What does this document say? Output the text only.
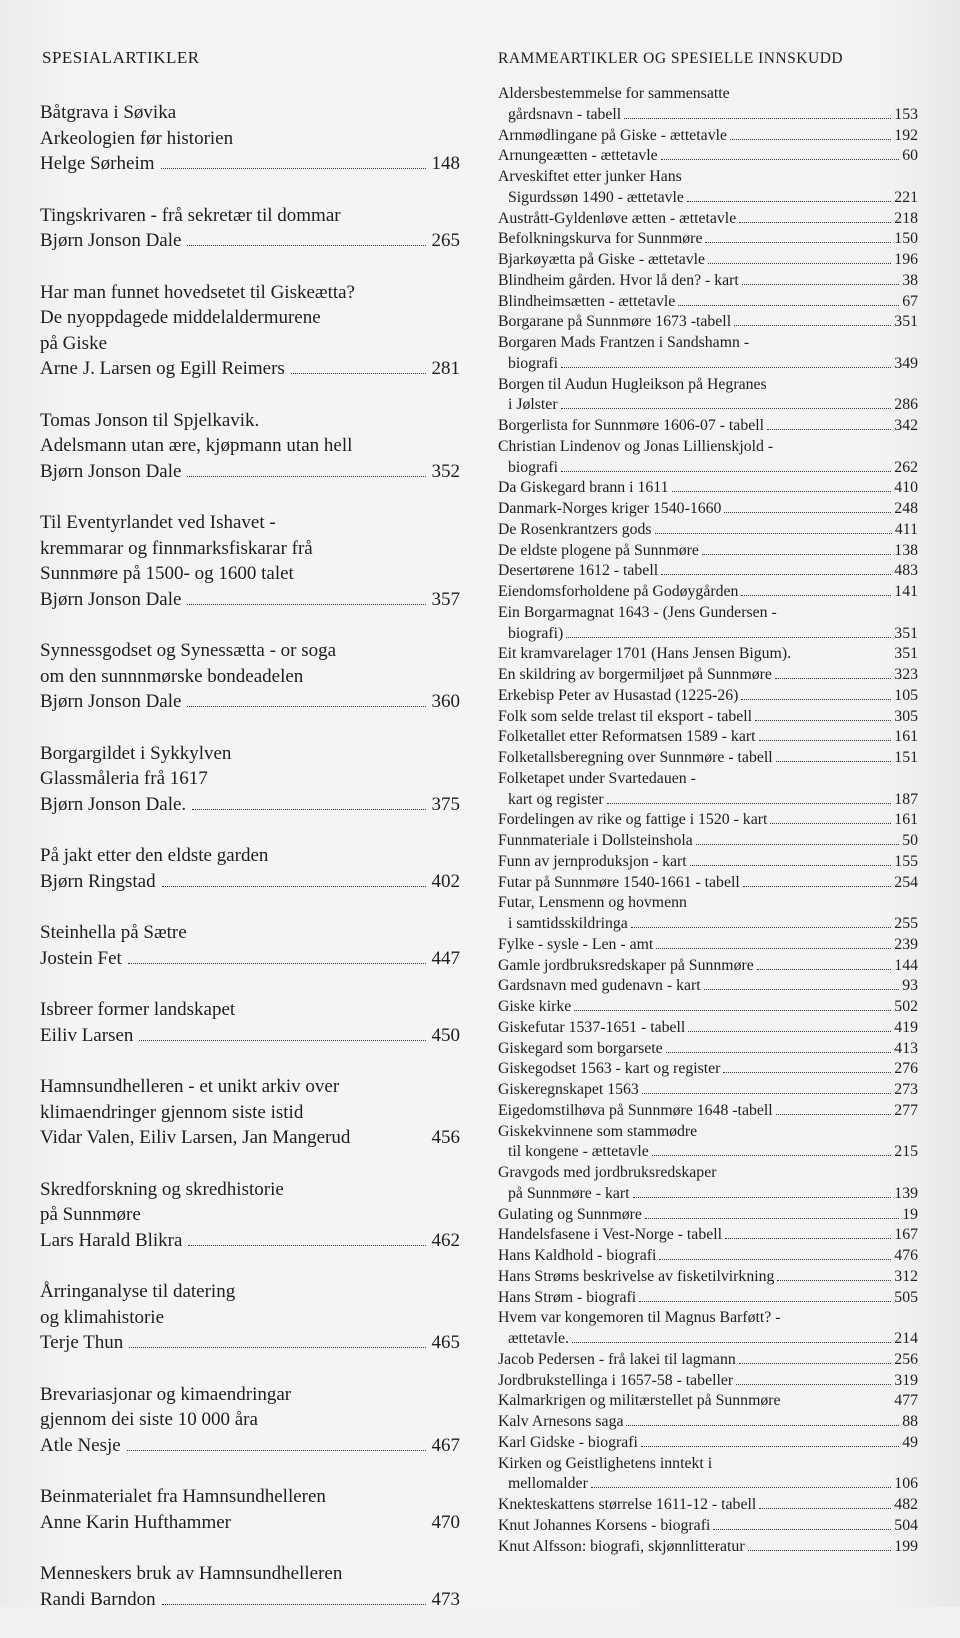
SPESIALARTIKLER
Båtgrava i Søvika
Arkeologien før historien
Helge Sørheim	148
Tingskrivaren - frå sekretær til dommar
Bjørn Jonson Dale	265
Har man funnet hovedsetet til Giskeætta?
De nyoppdagede middelaldermurene
på Giske
Arne J. Larsen og Egill Reimers	281
Tomas Jonson til Spjelkavik.
Adelsmann utan ære, kjøpmann utan hell
Bjørn Jonson Dale	352
Til Eventyrlandet ved Ishavet -
kremmarar og finnmarksfiskarar frå
Sunnmøre på 1500- og 1600 talet
Bjørn Jonson Dale	357
Synnessgodset og Synessætta - or soga
om den sunnnmørske bondeadelen
Bjørn Jonson Dale	360
Borgargildet i Sykkylven
Glassmåleria frå 1617
Bjørn Jonson Dale.	375
På jakt etter den eldste garden
Bjørn Ringstad	402
Steinhella på Sætre
Jostein Fet	447
Isbreer former landskapet
Eiliv Larsen	450
Hamnsundhelleren - et unikt arkiv over
klimaendringer gjennom siste istid
Vidar Valen, Eiliv Larsen, Jan Mangerud	456
Skredforskning og skredhistorie
på Sunnmøre
Lars Harald Blikra	462
Årringanalyse til datering
og klimahistorie
Terje Thun	465
Brevariasjonar og kimaendringar
gjennom dei siste 10 000 åra
Atle Nesje	467
Beinmaterialet fra Hamnsundhelleren
Anne Karin Hufthammer	470
Menneskers bruk av Hamnsundhelleren
Randi Barndon	473
RAMMEARTIKLER OG SPESIELLE INNSKUDD
Aldersbestemmelse for sammensatte
gårdsnavn - tabell	153
Arnmødlingane på Giske - ættetavle	192
Arnungeætten - ættetavle	60
Arveskiftet etter junker Hans
Sigurdssøn 1490 - ættetavle	221
Austrått-Gyldenløve ætten - ættetavle	218
Befolkningskurva for Sunnmøre	150
Bjarkøyætta på Giske - ættetavle	196
Blindheim gården. Hvor lå den? - kart	38
Blindheimsætten - ættetavle	67
Borgarane på Sunnmøre 1673 -tabell	351
Borgaren Mads Frantzen i Sandshamn -
biografi	349
Borgen til Audun Hugleikson på Hegranes
i Jølster	286
Borgerlista for Sunnmøre 1606-07 - tabell	342
Christian Lindenov og Jonas Lillienskjold -
biografi	262
Da Giskegard brann i 1611	410
Danmark-Norges kriger 1540-1660	248
De Rosenkrantzers gods	411
De eldste plogene på Sunnmøre	138
Desertørene 1612 - tabell	483
Eiendomsforholdene på Godøygården	141
Ein Borgarmagnat 1643 - (Jens Gundersen -
biografi)	351
Eit kramvarelager 1701 (Hans Jensen Bigum).	351
En skildring av borgermiljøet på Sunnmøre	323
Erkebisp Peter av Husastad (1225-26)	105
Folk som selde trelast til eksport - tabell	305
Folketallet etter Reformatsen 1589 - kart	161
Folketallsberegning over Sunnmøre - tabell	151
Folketapet under Svartedauen -
kart og register	187
Fordelingen av rike og fattige i 1520 - kart	161
Funnmateriale i Dollsteinshola	50
Funn av jernproduksjon - kart	155
Futar på Sunnmøre 1540-1661 - tabell	254
Futar, Lensmenn og hovmenn
i samtidsskildringa	255
Fylke - sysle - Len - amt	239
Gamle jordbruksredskaper på Sunnmøre	144
Gardsnavn med gudenavn - kart	93
Giske kirke	502
Giskefutar 1537-1651 - tabell	419
Giskegard som borgarsete	413
Giskegodset 1563 - kart og register	276
Giskeregnskapet 1563	273
Eigedomstilhøva på Sunnmøre 1648 -tabell	277
Giskekvinnene som stammødre
til kongene - ættetavle	215
Gravgods med jordbruksredskaper
på Sunnmøre - kart	139
Gulating og Sunnmøre	19
Handelsfasene i Vest-Norge - tabell	167
Hans Kaldhold - biografi	476
Hans Strøms beskrivelse av fisketilvirkning	312
Hans Strøm - biografi	505
Hvem var kongemoren til Magnus Barføtt? -
ættetavle.	214
Jacob Pedersen - frå lakei til lagmann	256
Jordbrukstellinga i 1657-58 - tabeller	319
Kalmarkrigen og militærstellet på Sunnmøre	477
Kalv Arnesons saga	88
Karl Gidske - biografi	49
Kirken og Geistlighetens inntekt i
mellomalder	106
Knekteskattens størrelse 1611-12 - tabell	482
Knut Johannes Korsens - biografi	504
Knut Alfsson: biografi, skjønnlitteratur	199
